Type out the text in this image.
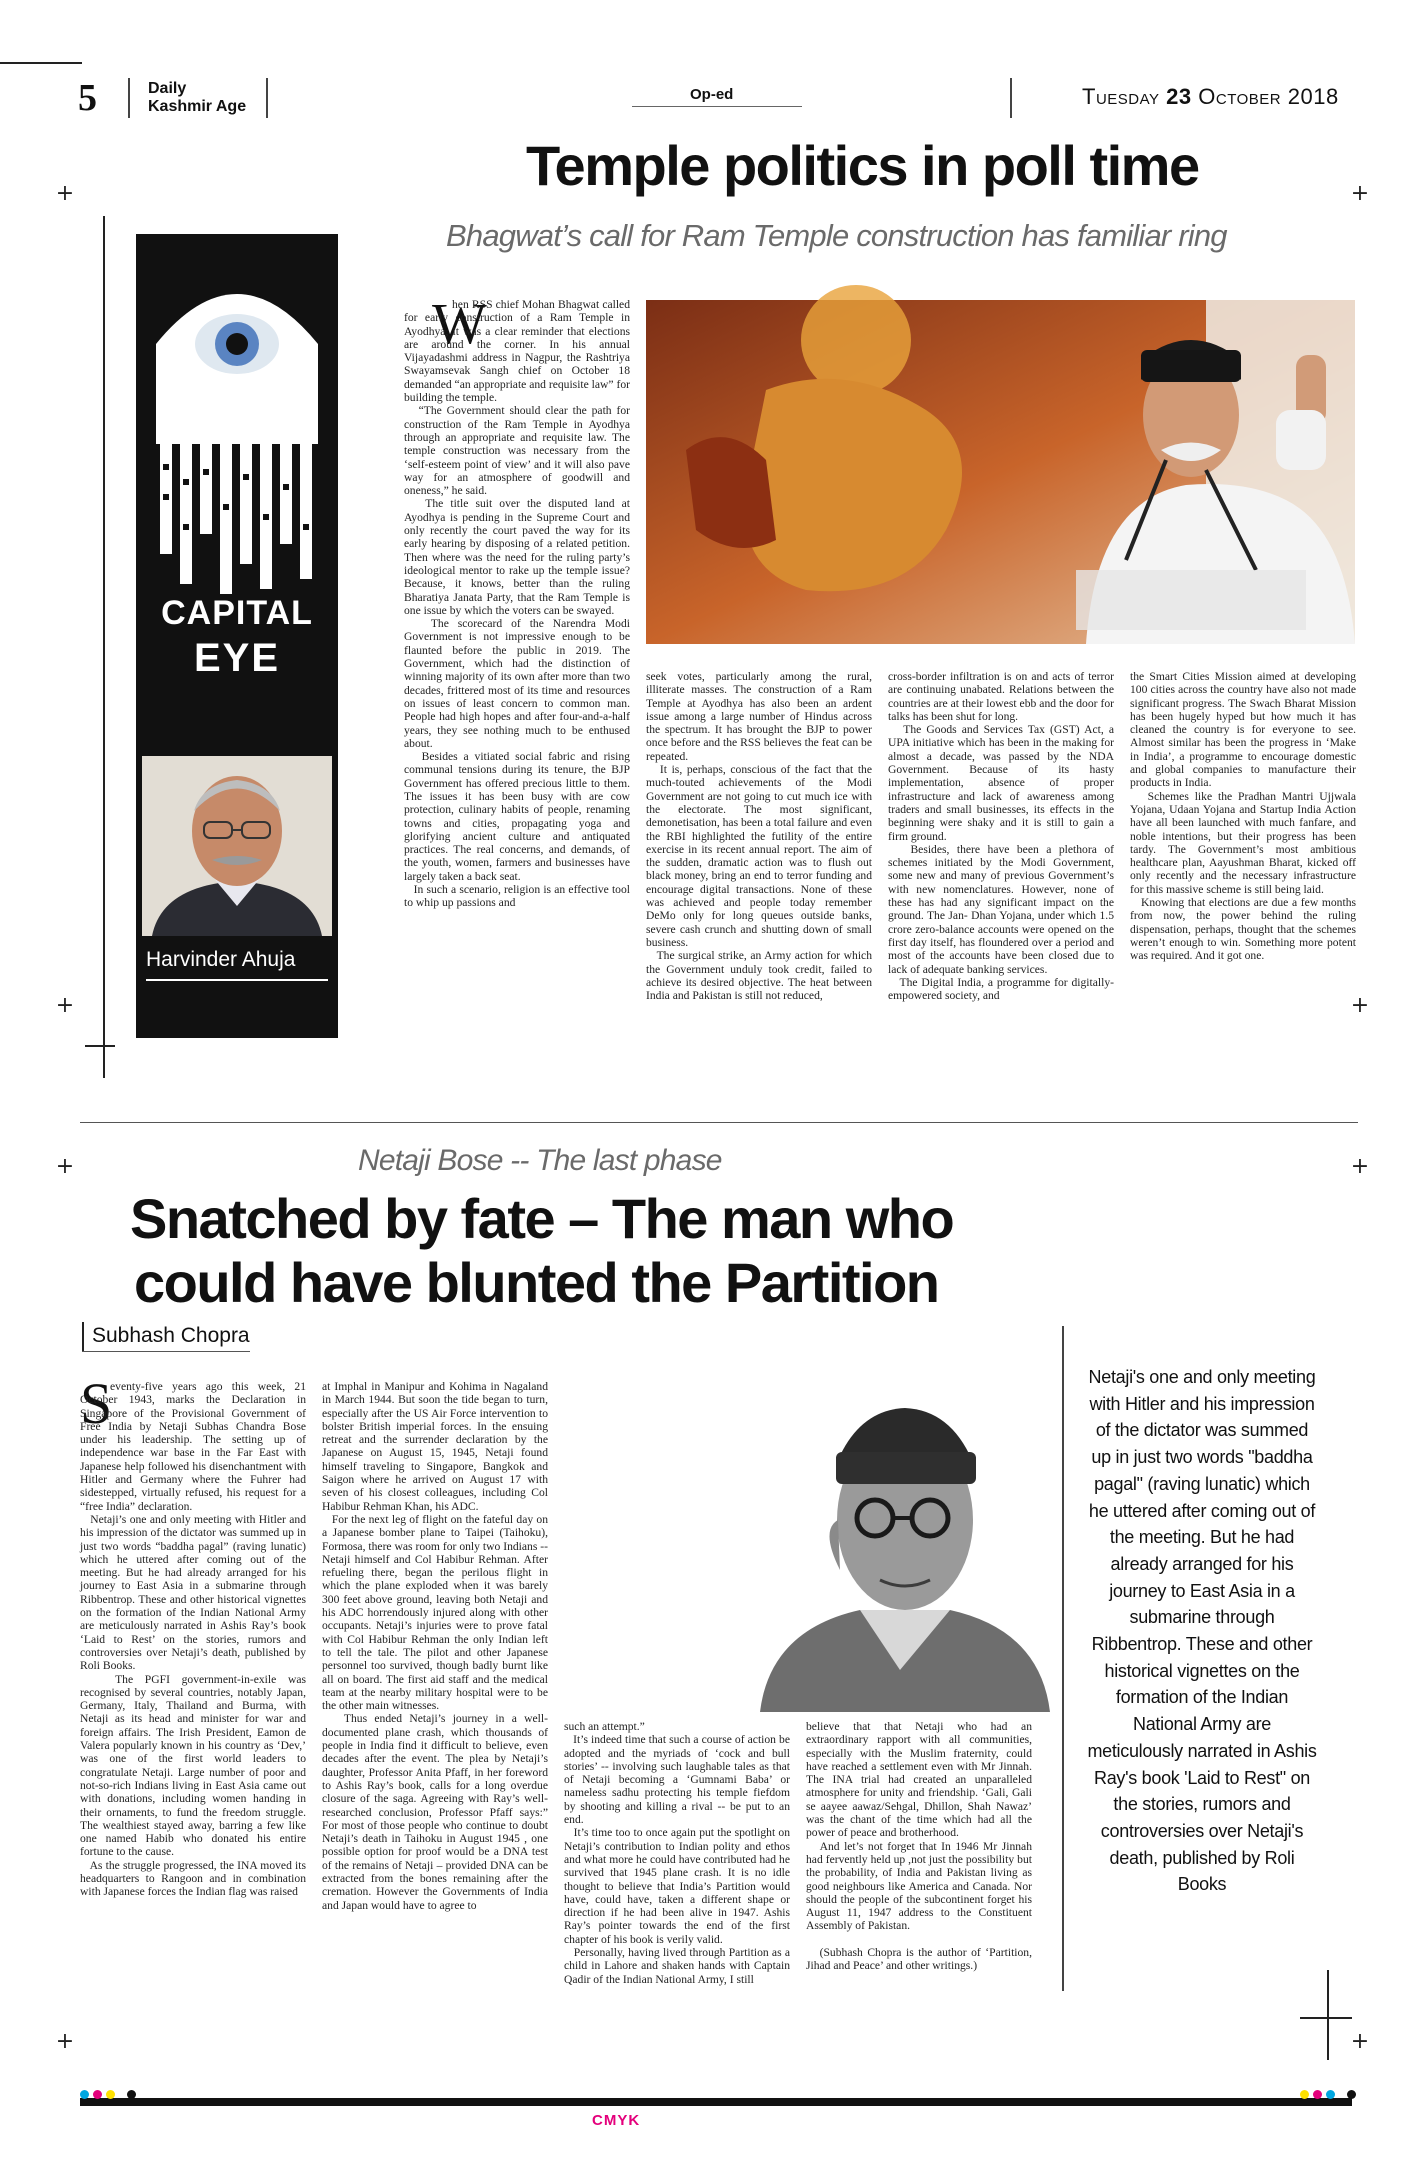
+	+
+	+
+	+
+	+
5	Daily
Kashmir Age
Op-ed	Tuesday 23 October 2018
Temple politics in poll time
Bhagwat’s call for Ram Temple construction has familiar ring
CAPITAL
EYE
Harvinder Ahuja
W
hen RSS chief Mohan Bhagwat called for early construction of a Ram Temple in Ayodhya, it was a clear reminder that elections are around the corner. In his annual Vijayadashmi address in Nagpur, the Rashtriya Swayamsevak Sangh chief on October 18 demanded “an appropriate and requisite law” for building the temple.
“The Government should clear the path for construction of the Ram Temple in Ayodhya through an appropriate and requisite law. The temple construction was necessary from the ‘self-esteem point of view’ and it will also pave way for an atmosphere of goodwill and oneness,” he said.
The title suit over the disputed land at Ayodhya is pending in the Supreme Court and only recently the court paved the way for its early hearing by disposing of a related petition. Then where was the need for the ruling party’s ideological mentor to rake up the temple issue? Because, it knows, better than the ruling Bharatiya Janata Party, that the Ram Temple is one issue by which the voters can be swayed.
The scorecard of the Narendra Modi Government is not impressive enough to be flaunted before the public in 2019. The Government, which had the distinction of winning majority of its own after more than two decades, frittered most of its time and resources on issues of least concern to common man. People had high hopes and after four-and-a-half years, they see nothing much to be enthused about.
Besides a vitiated social fabric and rising communal tensions during its tenure, the BJP Government has offered precious little to them. The issues it has been busy with are cow protection, culinary habits of people, renaming towns and cities, propagating yoga and glorifying ancient culture and antiquated practices. The real concerns, and demands, of the youth, women, farmers and businesses have largely taken a back seat.
In such a scenario, religion is an effective tool to whip up passions and
seek votes, particularly among the rural, illiterate masses. The construction of a Ram Temple at Ayodhya has also been an ardent issue among a large number of Hindus across the spectrum. It has brought the BJP to power once before and the RSS believes the feat can be repeated.
It is, perhaps, conscious of the fact that the much-touted achievements of the Modi Government are not going to cut much ice with the electorate. The most significant, demonetisation, has been a total failure and even the RBI highlighted the futility of the entire exercise in its recent annual report. The aim of the sudden, dramatic action was to flush out black money, bring an end to terror funding and encourage digital transactions. None of these was achieved and people today remember DeMo only for long queues outside banks, severe cash crunch and shutting down of small business.
The surgical strike, an Army action for which the Government unduly took credit, failed to achieve its desired objective. The heat between India and Pakistan is still not reduced,
cross-border infiltration is on and acts of terror are continuing unabated. Relations between the countries are at their lowest ebb and the door for talks has been shut for long.
The Goods and Services Tax (GST) Act, a UPA initiative which has been in the making for almost a decade, was passed by the NDA Government. Because of its hasty implementation, absence of proper infrastructure and lack of awareness among traders and small businesses, its effects in the beginning were shaky and it is still to gain a firm ground.
Besides, there have been a plethora of schemes initiated by the Modi Government, some new and many of previous Government’s with new nomenclatures. However, none of these has had any significant impact on the ground. The Jan- Dhan Yojana, under which 1.5 crore zero-balance accounts were opened on the first day itself, has floundered over a period and most of the accounts have been closed due to lack of adequate banking services.
The Digital India, a programme for digitally-empowered society, and
the Smart Cities Mission aimed at developing 100 cities across the country have also not made significant progress. The Swach Bharat Mission has been hugely hyped but how much it has cleaned the country is for everyone to see. Almost similar has been the progress in ‘Make in India’, a programme to encourage domestic and global companies to manufacture their products in India.
Schemes like the Pradhan Mantri Ujjwala Yojana, Udaan Yojana and Startup India Action have all been launched with much fanfare, and noble intentions, but their progress has been tardy. The Government’s most ambitious healthcare plan, Aayushman Bharat, kicked off only recently and the necessary infrastructure for this massive scheme is still being laid.
Knowing that elections are due a few months from now, the power behind the ruling dispensation, perhaps, thought that the schemes weren’t enough to win. Something more potent was required. And it got one.
Netaji Bose -- The last phase
Snatched by fate – The man who
could have blunted the Partition
Subhash Chopra
S
eventy-five years ago this week, 21 October 1943, marks the Declaration in Singapore of the Provisional Government of Free India by Netaji Subhas Chandra Bose under his leadership. The setting up of independence war base in the Far East with Japanese help followed his disenchantment with Hitler and Germany where the Fuhrer had sidestepped, virtually refused, his request for a “free India” declaration.
Netaji’s one and only meeting with Hitler and his impression of the dictator was summed up in just two words “baddha pagal” (raving lunatic) which he uttered after coming out of the meeting. But he had already arranged for his journey to East Asia in a submarine through Ribbentrop. These and other historical vignettes on the formation of the Indian National Army are meticulously narrated in Ashis Ray’s book ‘Laid to Rest’ on the stories, rumors and controversies over Netaji’s death, published by Roli Books.
The PGFI government-in-exile was recognised by several countries, notably Japan, Germany, Italy, Thailand and Burma, with Netaji as its head and minister for war and foreign affairs. The Irish President, Eamon de Valera popularly known in his country as ‘Dev,’ was one of the first world leaders to congratulate Netaji. Large number of poor and not-so-rich Indians living in East Asia came out with donations, including women handing in their ornaments, to fund the freedom struggle. The wealthiest stayed away, barring a few like one named Habib who donated his entire fortune to the cause.
As the struggle progressed, the INA moved its headquarters to Rangoon and in combination with Japanese forces the Indian flag was raised
at Imphal in Manipur and Kohima in Nagaland in March 1944. But soon the tide began to turn, especially after the US Air Force intervention to bolster British imperial forces. In the ensuing retreat and the surrender declaration by the Japanese on August 15, 1945, Netaji found himself traveling to Singapore, Bangkok and Saigon where he arrived on August 17 with seven of his closest colleagues, including Col Habibur Rehman Khan, his ADC.
For the next leg of flight on the fateful day on a Japanese bomber plane to Taipei (Taihoku), Formosa, there was room for only two Indians -- Netaji himself and Col Habibur Rehman. After refueling there, began the perilous flight in which the plane exploded when it was barely 300 feet above ground, leaving both Netaji and his ADC horrendously injured along with other occupants. Netaji’s injuries were to prove fatal with Col Habibur Rehman the only Indian left to tell the tale. The pilot and other Japanese personnel too survived, though badly burnt like all on board. The first aid staff and the medical team at the nearby military hospital were to be the other main witnesses.
Thus ended Netaji’s journey in a well-documented plane crash, which thousands of people in India find it difficult to believe, even decades after the event. The plea by Netaji’s daughter, Professor Anita Pfaff, in her foreword to Ashis Ray’s book, calls for a long overdue closure of the saga. Agreeing with Ray’s well- researched conclusion, Professor Pfaff says:” For most of those people who continue to doubt Netaji’s death in Taihoku in August 1945 , one possible option for proof would be a DNA test of the remains of Netaji – provided DNA can be extracted from the bones remaining after the cremation. However the Governments of India and Japan would have to agree to
such an attempt.”
It’s indeed time that such a course of action be adopted and the myriads of ‘cock and bull stories’ -- involving such laughable tales as that of Netaji becoming a ‘Gumnami Baba’ or nameless sadhu protecting his temple fiefdom by shooting and killing a rival -- be put to an end.
It’s time too to once again put the spotlight on Netaji’s contribution to Indian polity and ethos and what more he could have contributed had he survived that 1945 plane crash. It is no idle thought to believe that India’s Partition would have, could have, taken a different shape or direction if he had been alive in 1947. Ashis Ray’s pointer towards the end of the first chapter of his book is verily valid.
Personally, having lived through Partition as a child in Lahore and shaken hands with Captain Qadir of the Indian National Army, I still
believe that that Netaji who had an extraordinary rapport with all communities, especially with the Muslim fraternity, could have reached a settlement even with Mr Jinnah. The INA trial had created an unparalleled atmosphere for unity and friendship. ‘Gali, Gali se aayee aawaz/Sehgal, Dhillon, Shah Nawaz’ was the chant of the time which had all the power of peace and brotherhood.
And let’s not forget that In 1946 Mr Jinnah had fervently held up ,not just the possibility but the probability, of India and Pakistan living as good neighbours like America and Canada. Nor should the people of the subcontinent forget his August 11, 1947 address to the Constituent Assembly of Pakistan.

(Subhash Chopra is the author of ‘Partition, Jihad and Peace’ and other writings.)
Netaji's one and only meeting with Hitler and his impression of the dictator was summed up in just two words "baddha pagal" (raving lunatic) which he uttered after coming out of the meeting. But he had already arranged for his journey to East Asia in a submarine through Ribbentrop. These and other historical vignettes on the formation of the Indian National Army are meticulously narrated in Ashis Ray's book 'Laid to Rest" on the stories, rumors and controversies over Netaji's death, published by Roli Books
CMYK
